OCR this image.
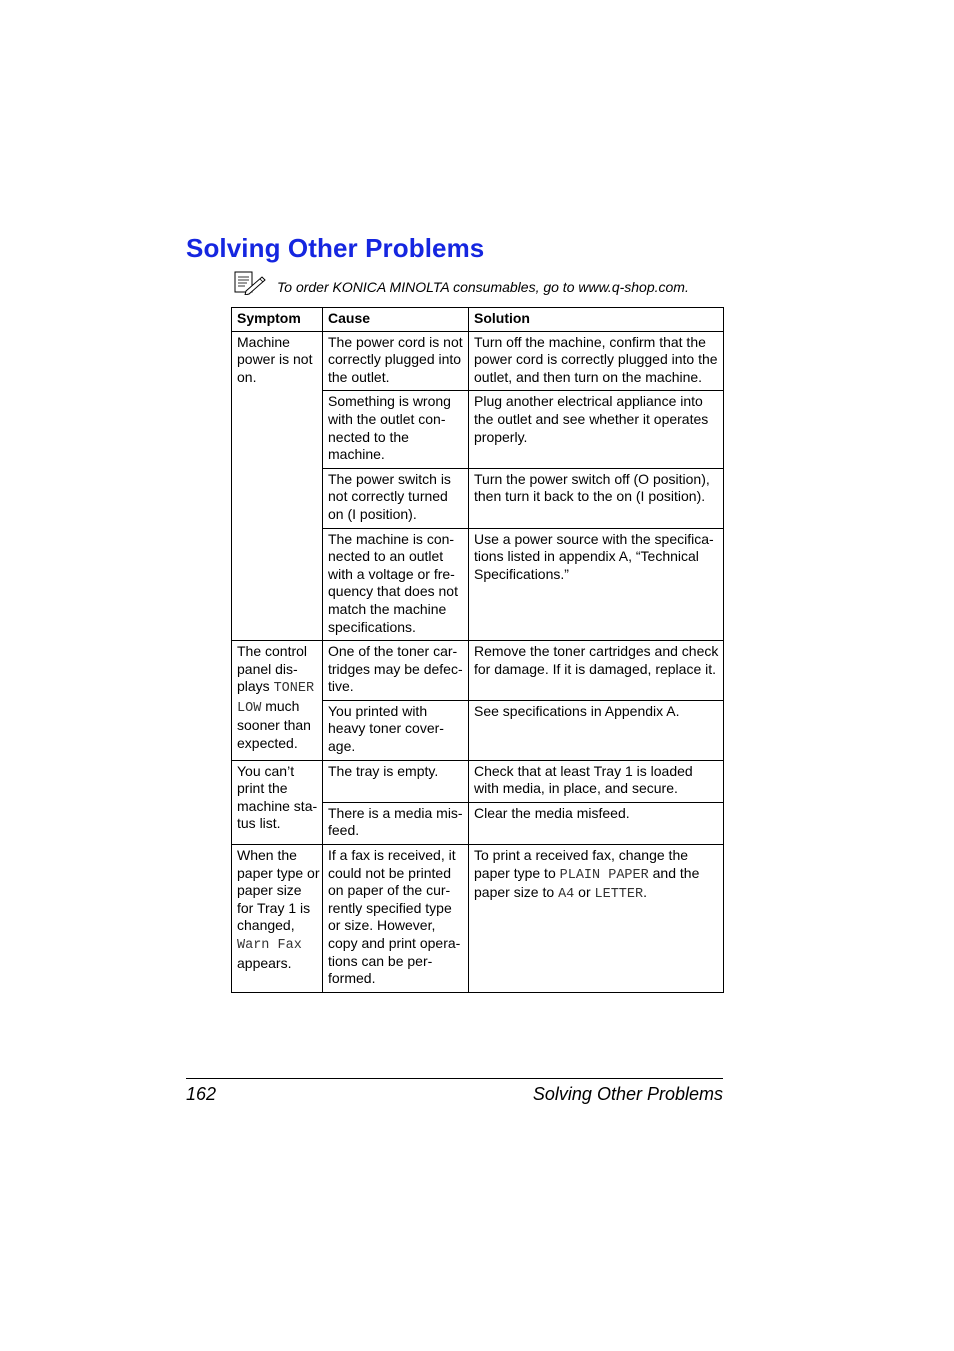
Solving Other Problems
To order KONICA MINOLTA consumables, go to www.q-shop.com.
Symptom	Cause	Solution
Machine power is not on.	The power cord is not correctly plugged into the outlet.	Turn off the machine, confirm that the power cord is correctly plugged into the outlet, and then turn on the machine.
	Something is wrong with the outlet con- nected to the machine.	Plug another electrical appliance into the outlet and see whether it operates properly.
	The power switch is not correctly turned on (I position).	Turn the power switch off (O position), then turn it back to the on (I position).
	The machine is con- nected to an outlet with a voltage or fre- quency that does not match the machine specifications.	Use a power source with the specifica- tions listed in appendix A, “Technical Specifications.”
The control panel dis- plays TONER LOW much sooner than expected.	One of the toner car- tridges may be defec- tive.	Remove the toner cartridges and check for damage. If it is damaged, replace it.
	You printed with heavy toner cover- age.	See specifications in Appendix A.
You can’t print the machine sta- tus list.	The tray is empty.	Check that at least Tray 1 is loaded with media, in place, and secure.
	There is a media mis- feed.	Clear the media misfeed.
When the paper type or paper size for Tray 1 is changed, Warn Fax appears.	If a fax is received, it could not be printed on paper of the cur- rently specified type or size. However, copy and print opera- tions can be per- formed.	To print a received fax, change the paper type to PLAIN PAPER and the paper size to A4 or LETTER.
162	Solving Other Problems
